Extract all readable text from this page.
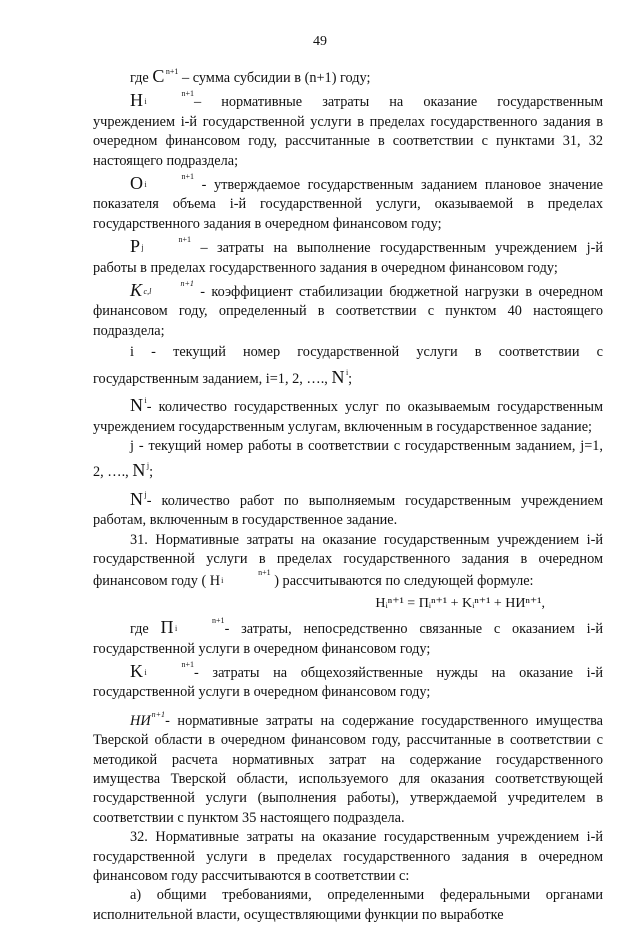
49

где $C^{n+1}$ – сумма субсидии в (n+1) году;

H	n+1
i	– нормативные затраты на оказание государственным учреждением i-й государственной услуги в пределах государственного задания в очередном финансовом году, рассчитанные в соответствии с пунктами 31, 32 настоящего подраздела;

O	n+1
i	- утверждаемое государственным заданием плановое значение показателя объема i-й государственной услуги, оказываемой в пределах государственного задания в очередном финансовом году;

P	n+1
j	– затраты на выполнение государственным учреждением j-й работы в пределах государственного задания в очередном финансовом году;

K	n+1
c,l	- коэффициент стабилизации бюджетной нагрузки в очередном финансовом году, определенный в соответствии с пунктом 40 настоящего подраздела;

i - текущий номер государственной услуги в соответствии с государственным заданием, i=1, 2, …., $N^i$;

$N^i-$ количество государственных услуг по оказываемым государственным учреждением государственным услугам, включенным в государственное задание;

j - текущий номер работы в соответствии с государственным заданием, j=1, 2, …., $N^j$;

$N^j-$ количество работ по выполняемым государственным учреждением работам, включенным в государственное задание.

31. Нормативные затраты на оказание государственным учреждением i-й государственной услуги в пределах государственного задания в очередном финансовом году ( Hn+1
i	) рассчитываются по следующей формуле:

Hᵢⁿ⁺¹ = Пᵢⁿ⁺¹ + Kᵢⁿ⁺¹ + НИⁿ⁺¹,

где П	n+1
i	- затраты, непосредственно связанные с оказанием i-й государственной услуги в очередном финансовом году;

K	n+1
i	- затраты на общехозяйственные нужды на оказание i-й государственной услуги в очередном финансовом году;

$НИ^{n+1}-$ нормативные затраты на содержание государственного имущества Тверской области в очередном финансовом году, рассчитанные в соответствии с методикой расчета нормативных затрат на содержание государственного имущества Тверской области, используемого для оказания соответствующей государственной услуги (выполнения работы), утверждаемой учредителем в соответствии с пунктом 35 настоящего подраздела.

32. Нормативные затраты на оказание государственным учреждением i-й государственной услуги в пределах государственного задания в очередном финансовом году рассчитываются в соответствии с:

а) общими требованиями, определенными федеральными органами исполнительной власти, осуществляющими функции по выработке
